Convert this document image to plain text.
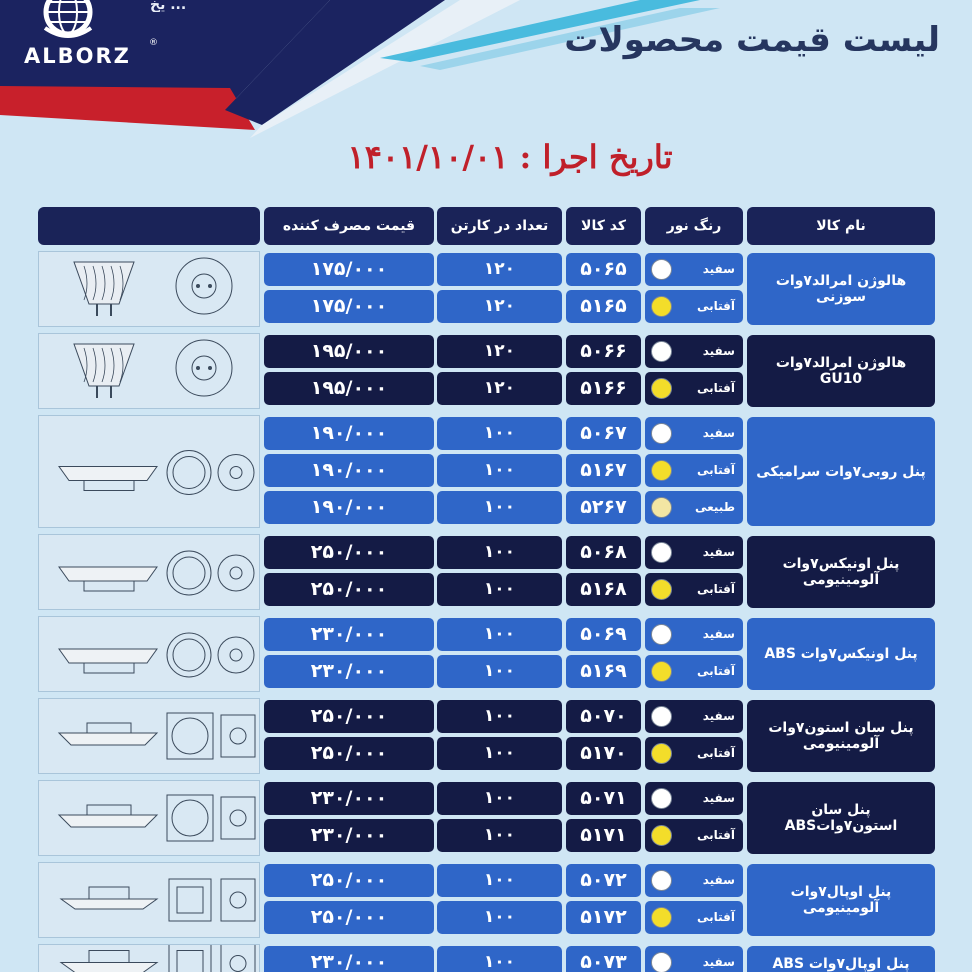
یخ ...
ALBORZ
®	لیست قیمت محصولات
تاریخ اجرا : ۱۴۰۱/۱۰/۰۱
قیمت مصرف کننده	تعداد در کارتن	کد کالا	رنگ نور	نام کالا
هالوژن امرالد۷وات سوزنی
۱۷۵/۰۰۰	۱۲۰	۵۰۶۵	سفید
۱۷۵/۰۰۰	۱۲۰	۵۱۶۵	آفتابی
هالوژن امرالد۷وات GU10
۱۹۵/۰۰۰	۱۲۰	۵۰۶۶	سفید
۱۹۵/۰۰۰	۱۲۰	۵۱۶۶	آفتابی
پنل روبی۷وات سرامیکی
۱۹۰/۰۰۰	۱۰۰	۵۰۶۷	سفید
۱۹۰/۰۰۰	۱۰۰	۵۱۶۷	آفتابی
۱۹۰/۰۰۰	۱۰۰	۵۲۶۷	طبیعی
پنل اونیکس۷وات آلومینیومی
۲۵۰/۰۰۰	۱۰۰	۵۰۶۸	سفید
۲۵۰/۰۰۰	۱۰۰	۵۱۶۸	آفتابی
پنل اونیکس۷وات ABS
۲۳۰/۰۰۰	۱۰۰	۵۰۶۹	سفید
۲۳۰/۰۰۰	۱۰۰	۵۱۶۹	آفتابی
پنل سان استون۷وات آلومینیومی
۲۵۰/۰۰۰	۱۰۰	۵۰۷۰	سفید
۲۵۰/۰۰۰	۱۰۰	۵۱۷۰	آفتابی
پنل سان استون۷واتABS
۲۳۰/۰۰۰	۱۰۰	۵۰۷۱	سفید
۲۳۰/۰۰۰	۱۰۰	۵۱۷۱	آفتابی
پنل اوپال۷وات آلومینیومی
۲۵۰/۰۰۰	۱۰۰	۵۰۷۲	سفید
۲۵۰/۰۰۰	۱۰۰	۵۱۷۲	آفتابی
پنل اوپال۷وات ABS
۲۳۰/۰۰۰	۱۰۰	۵۰۷۳	سفید
